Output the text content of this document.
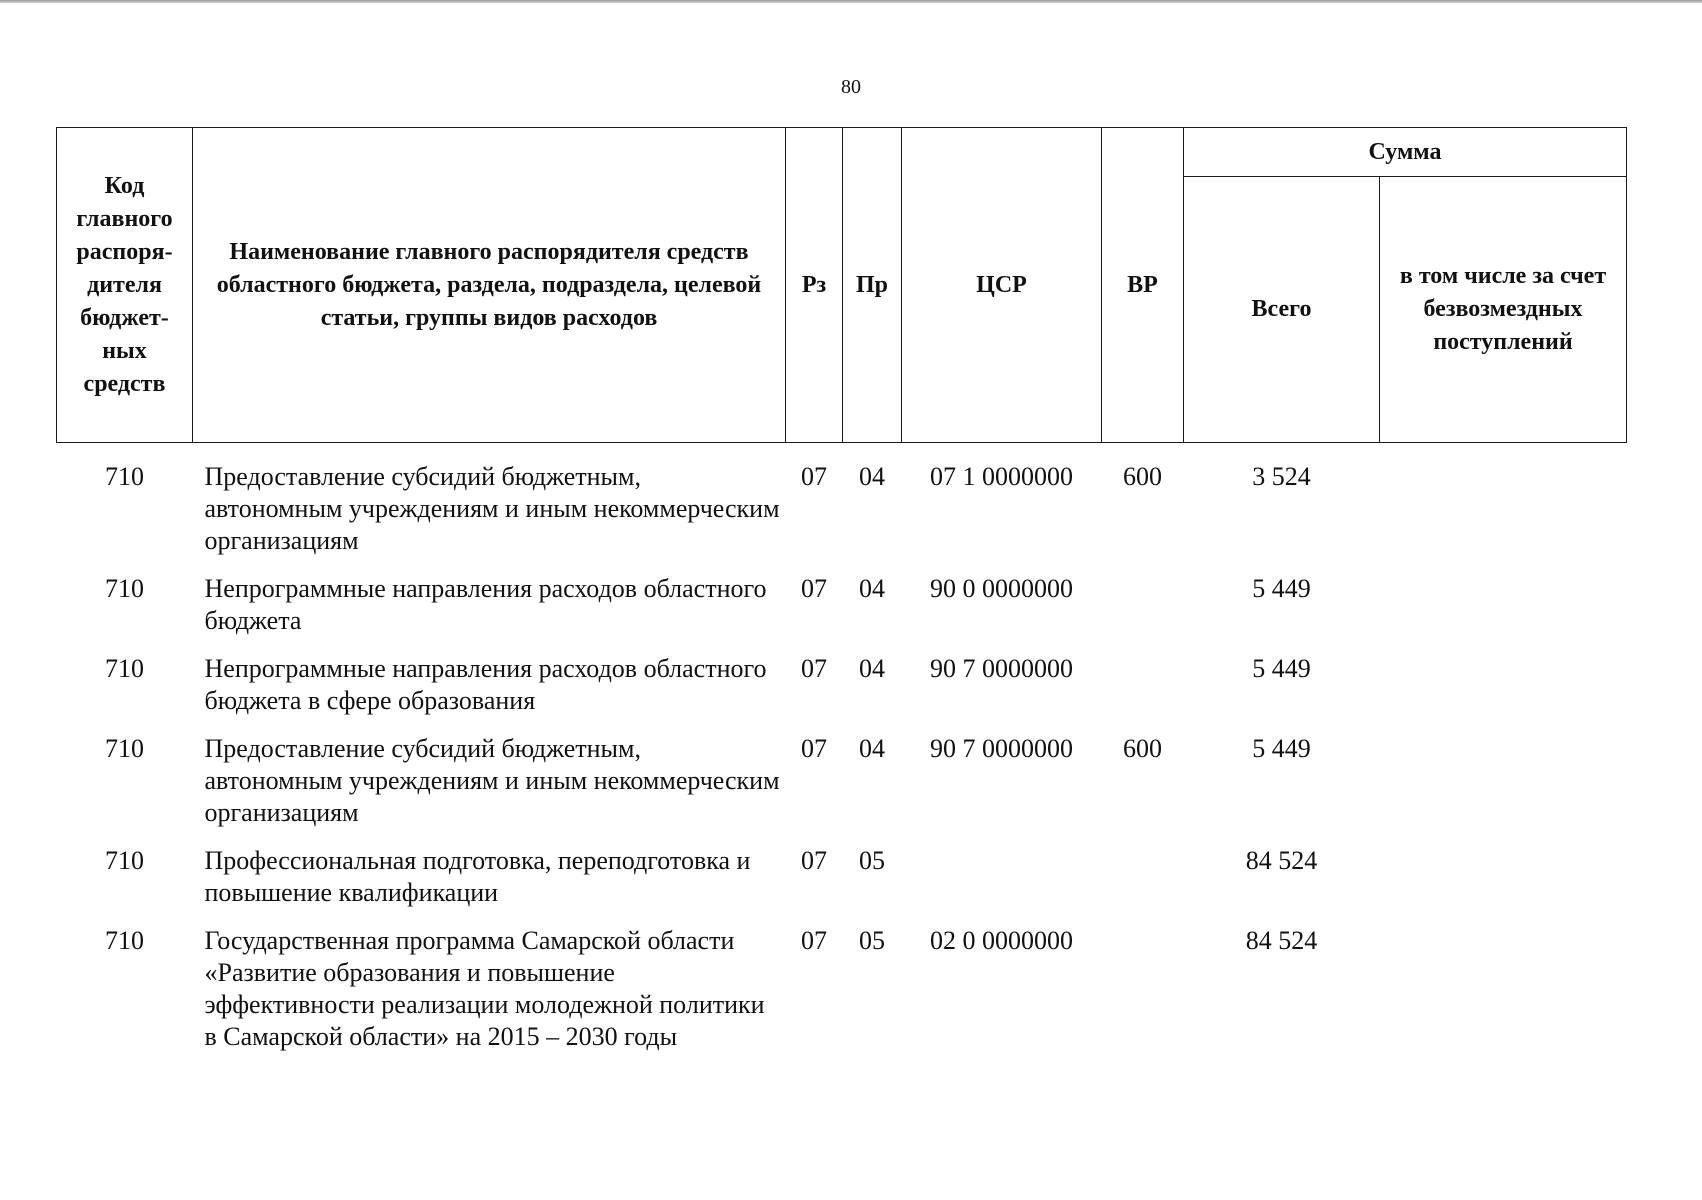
80
Код главного распоря-дителя бюджет-ных средств	Наименование главного распорядителя средств областного бюджета, раздела, подраздела, целевой статьи, группы видов расходов	Рз	Пр	ЦСР	ВР	Сумма	
						Всего	в том числе за счет безвозмездных поступлений
710	Предоставление субсидий бюджетным, автономным учреждениям и иным некоммерческим организациям	07	04	07 1 0000000	600	3 524	
710	Непрограммные направления расходов областного бюджета	07	04	90 0 0000000		5 449	
710	Непрограммные направления расходов областного бюджета в сфере образования	07	04	90 7 0000000		5 449	
710	Предоставление субсидий бюджетным, автономным учреждениям и иным некоммерческим организациям	07	04	90 7 0000000	600	5 449	
710	Профессиональная подготовка, переподготовка и повышение квалификации	07	05			84 524	
710	Государственная программа Самарской области «Развитие образования и повышение эффективности реализации молодежной политики в Самарской области» на 2015 – 2030 годы	07	05	02 0 0000000		84 524	
